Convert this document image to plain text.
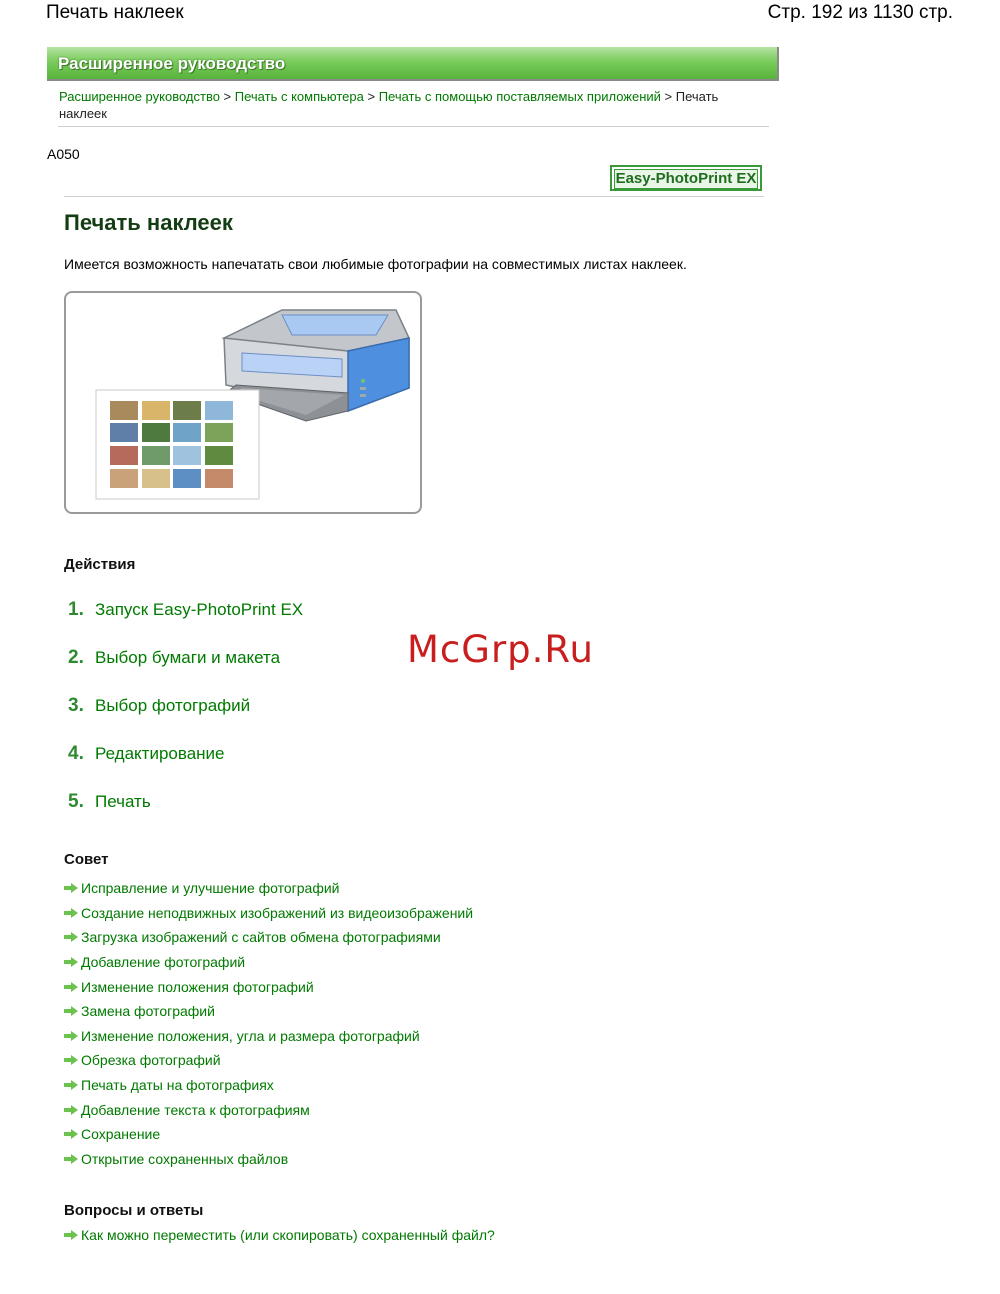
Печать наклеек	Стр. 192 из 1130 стр.
Расширенное руководство
Расширенное руководство > Печать с компьютера > Печать с помощью поставляемых приложений > Печать наклеек
A050
Easy-PhotoPrint EX
Печать наклеек
Имеется возможность напечатать свои любимые фотографии на совместимых листах наклеек.
Действия
1. Запуск Easy-PhotoPrint EX
2. Выбор бумаги и макета
3. Выбор фотографий
4. Редактирование
5. Печать
McGrp.Ru
Совет
Исправление и улучшение фотографий
Создание неподвижных изображений из видеоизображений
Загрузка изображений с сайтов обмена фотографиями
Добавление фотографий
Изменение положения фотографий
Замена фотографий
Изменение положения, угла и размера фотографий
Обрезка фотографий
Печать даты на фотографиях
Добавление текста к фотографиям
Сохранение
Открытие сохраненных файлов
Вопросы и ответы
Как можно переместить (или скопировать) сохраненный файл?
